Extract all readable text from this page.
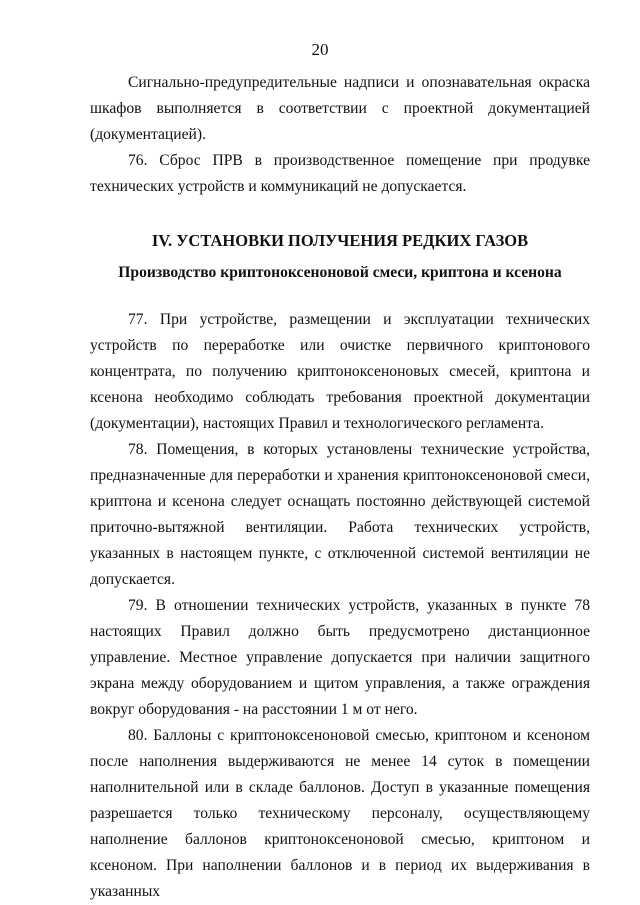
20

Сигнально-предупредительные надписи и опознавательная окраска шкафов выполняется в соответствии с проектной документацией (документацией).

76. Сброс ПРВ в производственное помещение при продувке технических устройств и коммуникаций не допускается.

IV. УСТАНОВКИ ПОЛУЧЕНИЯ РЕДКИХ ГАЗОВ

Производство криптоноксеноновой смеси, криптона и ксенона

77. При устройстве, размещении и эксплуатации технических устройств по переработке или очистке первичного криптонового концентрата, по получению криптоноксеноновых смесей, криптона и ксенона необходимо соблюдать требования проектной документации (документации), настоящих Правил и технологического регламента.

78. Помещения, в которых установлены технические устройства, предназначенные для переработки и хранения криптоноксеноновой смеси, криптона и ксенона следует оснащать постоянно действующей системой приточно-вытяжной вентиляции. Работа технических устройств, указанных в настоящем пункте, с отключенной системой вентиляции не допускается.

79. В отношении технических устройств, указанных в пункте 78 настоящих Правил должно быть предусмотрено дистанционное управление. Местное управление допускается при наличии защитного экрана между оборудованием и щитом управления, а также ограждения вокруг оборудования - на расстоянии 1 м от него.

80. Баллоны с криптоноксеноновой смесью, криптоном и ксеноном после наполнения выдерживаются не менее 14 суток в помещении наполнительной или в складе баллонов. Доступ в указанные помещения разрешается только техническому персоналу, осуществляющему наполнение баллонов криптоноксеноновой смесью, криптоном и ксеноном. При наполнении баллонов и в период их выдерживания в указанных
